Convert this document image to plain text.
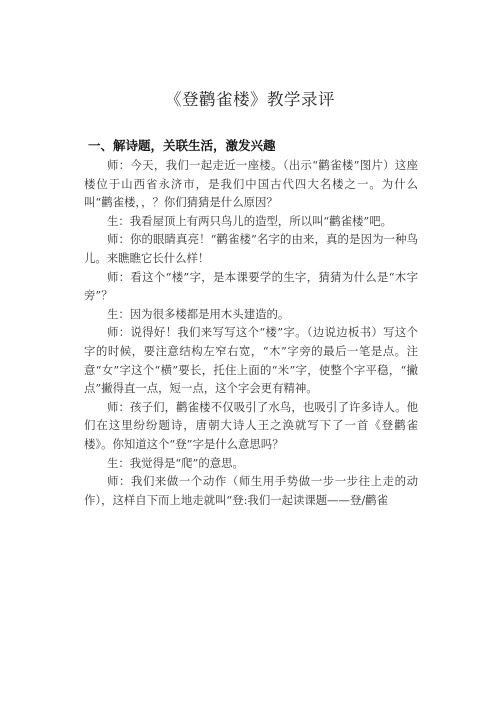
《登鹳雀楼》教学录评
一、解诗题，关联生活，激发兴趣

师：今天，我们一起走近一座楼。（出示“鹳雀楼”图片）这座楼位于山西省永济市，是我们中国古代四大名楼之一。为什么叫“鹳雀楼，，？你们猜猜是什么原因？

生：我看屋顶上有两只鸟儿的造型，所以叫“鹳雀楼”吧。

师：你的眼睛真亮！“鹳雀楼”名字的由来，真的是因为一种鸟儿。来瞧瞧它长什么样！

师：看这个“楼”字，是本课要学的生字，猜猜为什么是“木字旁”？

生：因为很多楼都是用木头建造的。

师：说得好！我们来写写这个“楼”字。（边说边板书）写这个字的时候，要注意结构左窄右宽，“木”字旁的最后一笔是点。注意“女”字这个“横”要长，托住上面的“米”字，使整个字平稳，“撇点”撇得直一点，短一点，这个字会更有精神。

师：孩子们，鹳雀楼不仅吸引了水鸟，也吸引了许多诗人。他们在这里纷纷题诗，唐朝大诗人王之涣就写下了一首《登鹳雀楼》。你知道这个“登”字是什么意思吗？

生：我觉得是“爬”的意思。

师：我们来做一个动作（师生用手势做一步一步往上走的动作），这样自下而上地走就叫“登:我们一起读课题——登/鹳雀
